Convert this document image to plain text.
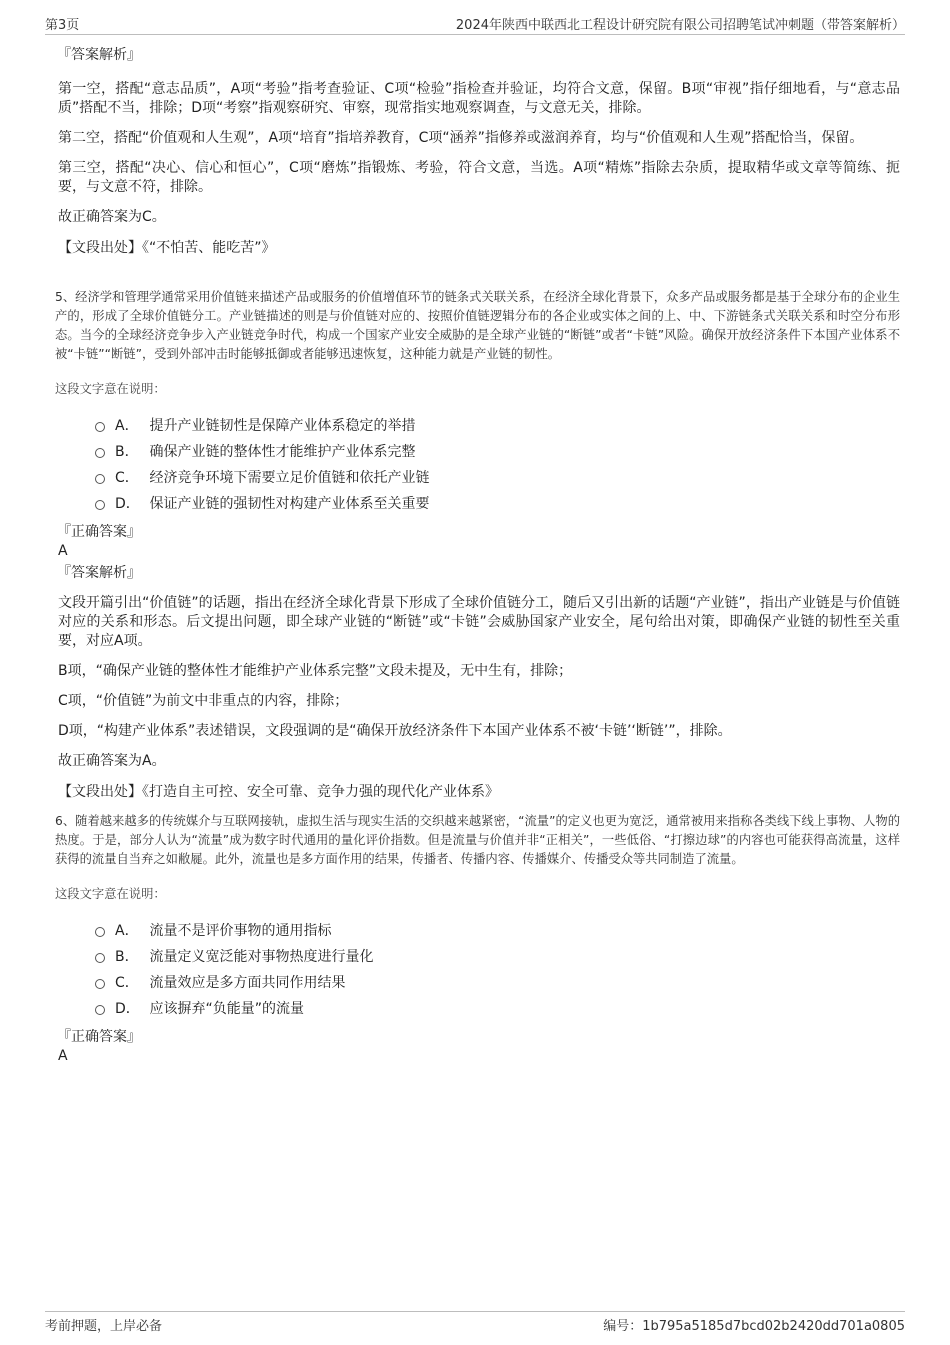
第3页	2024年陕西中联西北工程设计研究院有限公司招聘笔试冲刺题（带答案解析）
『答案解析』

第一空，搭配“意志品质”，A项“考验”指考查验证、C项“检验”指检查并验证，均符合文意，保留。B项“审视”指仔细地看，与“意志品质”搭配不当，排除；D项“考察”指观察研究、审察，现常指实地观察调查，与文意无关，排除。

第二空，搭配“价值观和人生观”，A项“培育”指培养教育，C项“涵养”指修养或滋润养育，均与“价值观和人生观”搭配恰当，保留。

第三空，搭配“决心、信心和恒心”，C项“磨炼”指锻炼、考验，符合文意，当选。A项“精炼”指除去杂质，提取精华或文章等简练、扼要，与文意不符，排除。

故正确答案为C。

【文段出处】《“不怕苦、能吃苦”》

5、经济学和管理学通常采用价值链来描述产品或服务的价值增值环节的链条式关联关系，在经济全球化背景下，众多产品或服务都是基于全球分布的企业生产的，形成了全球价值链分工。产业链描述的则是与价值链对应的、按照价值链逻辑分布的各企业或实体之间的上、中、下游链条式关联关系和时空分布形态。当今的全球经济竞争步入产业链竞争时代，构成一个国家产业安全威胁的是全球产业链的“断链”或者“卡链”风险。确保开放经济条件下本国产业体系不被“卡链”“断链”，受到外部冲击时能够抵御或者能够迅速恢复，这种能力就是产业链的韧性。

这段文字意在说明：

A． 提升产业链韧性是保障产业体系稳定的举措
B． 确保产业链的整体性才能维护产业体系完整
C． 经济竞争环境下需要立足价值链和依托产业链
D． 保证产业链的强韧性对构建产业体系至关重要
『正确答案』
A
『答案解析』

文段开篇引出“价值链”的话题，指出在经济全球化背景下形成了全球价值链分工，随后又引出新的话题“产业链”，指出产业链是与价值链对应的关系和形态。后文提出问题，即全球产业链的“断链”或“卡链”会威胁国家产业安全，尾句给出对策，即确保产业链的韧性至关重要，对应A项。

B项，“确保产业链的整体性才能维护产业体系完整”文段未提及，无中生有，排除；

C项，“价值链”为前文中非重点的内容，排除；

D项，“构建产业体系”表述错误，文段强调的是“确保开放经济条件下本国产业体系不被‘卡链’‘断链’”，排除。

故正确答案为A。

【文段出处】《打造自主可控、安全可靠、竞争力强的现代化产业体系》

6、随着越来越多的传统媒介与互联网接轨，虚拟生活与现实生活的交织越来越紧密，“流量”的定义也更为宽泛，通常被用来指称各类线下线上事物、人物的热度。于是，部分人认为“流量”成为数字时代通用的量化评价指数。但是流量与价值并非“正相关”，一些低俗、“打擦边球”的内容也可能获得高流量，这样获得的流量自当弃之如敝屣。此外，流量也是多方面作用的结果，传播者、传播内容、传播媒介、传播受众等共同制造了流量。

这段文字意在说明：

A． 流量不是评价事物的通用指标
B． 流量定义宽泛能对事物热度进行量化
C． 流量效应是多方面共同作用结果
D． 应该摒弃“负能量”的流量
『正确答案』
A
考前押题，上岸必备	编号：1b795a5185d7bcd02b2420dd701a0805
